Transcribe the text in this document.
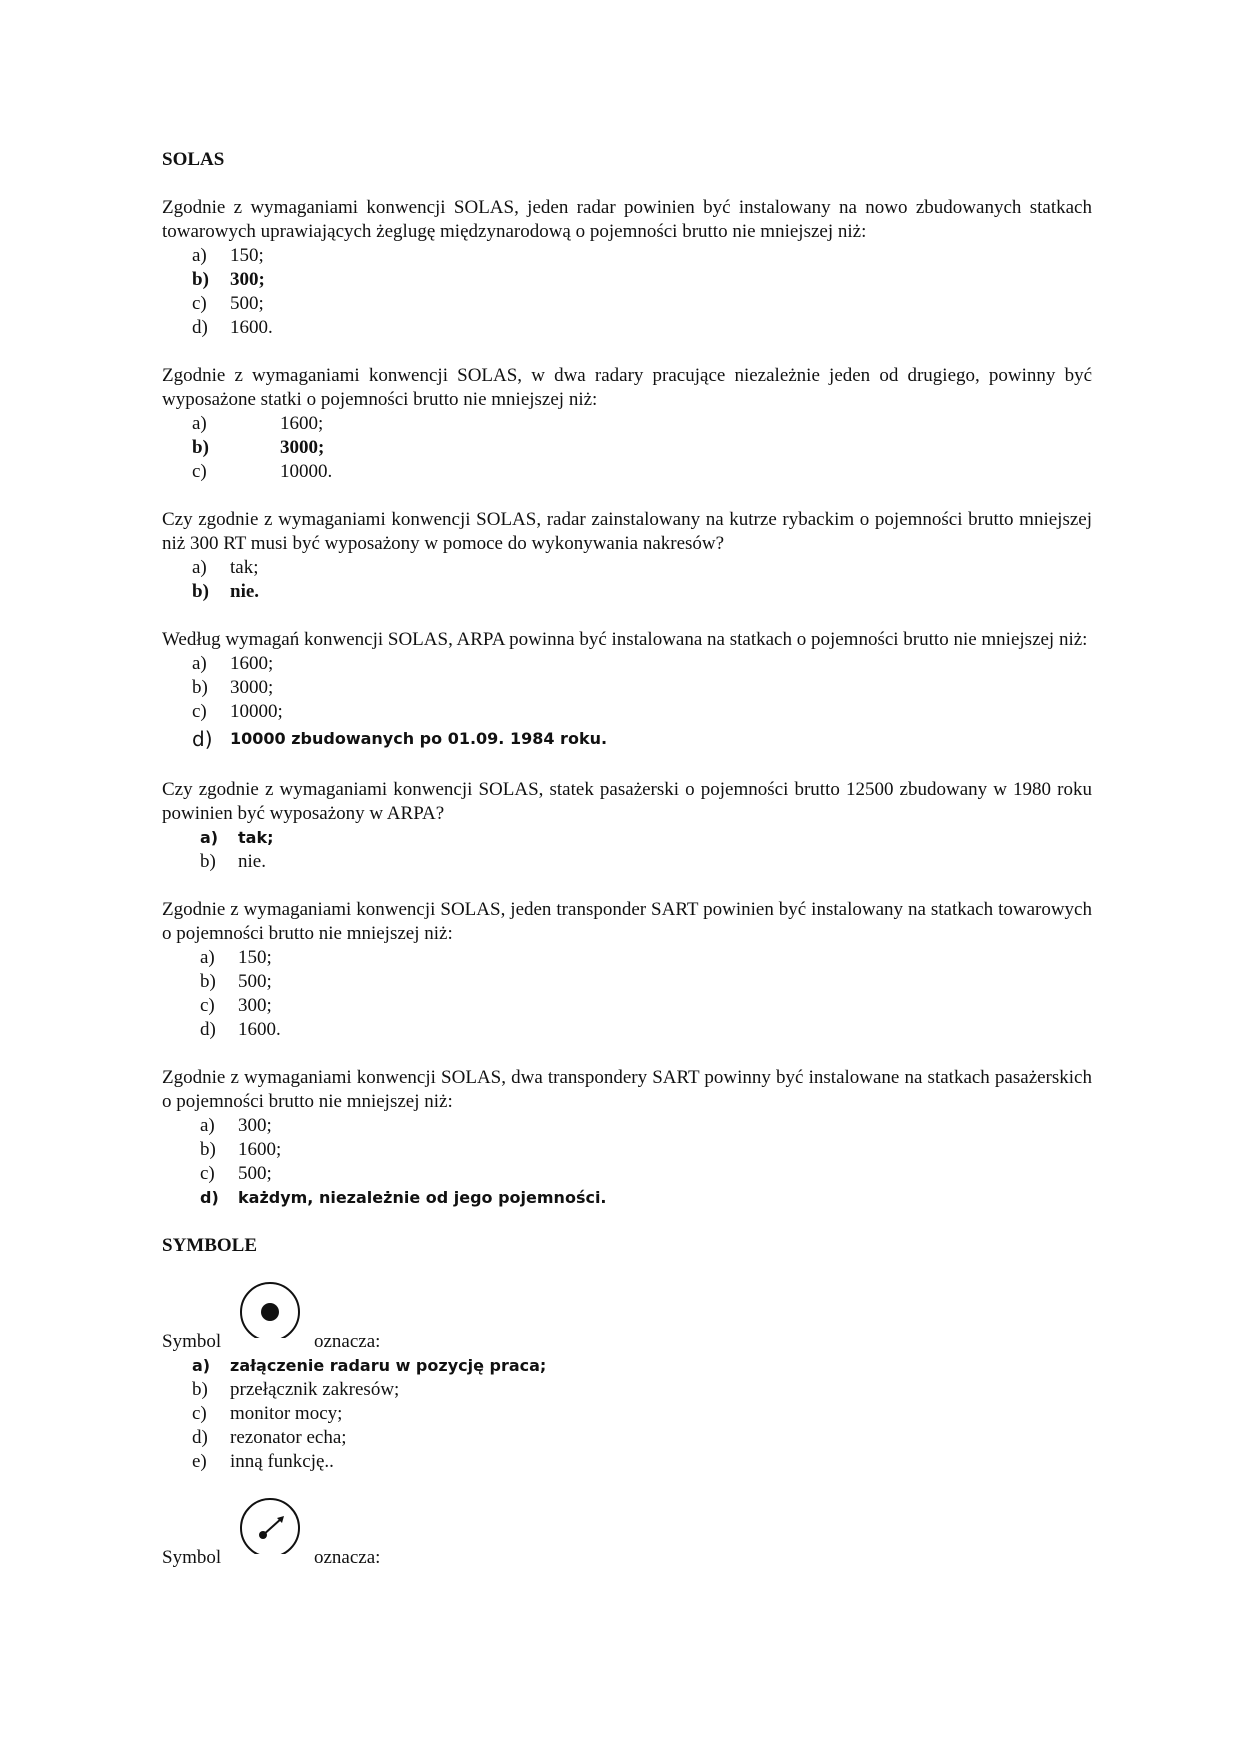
SOLAS

Zgodnie z wymaganiami konwencji SOLAS, jeden radar powinien być instalowany na nowo zbudowanych statkach towarowych uprawiających żeglugę międzynarodową o pojemności brutto nie mniejszej niż:

a)	150;
b)	300;
c)	500;
d)	1600.

Zgodnie z wymaganiami konwencji SOLAS, w dwa radary pracujące niezależnie jeden od drugiego, powinny być wyposażone statki o pojemności brutto nie mniejszej niż:

a)	1600;
b)	3000;
c)	10000.

Czy zgodnie z wymaganiami konwencji SOLAS, radar zainstalowany na kutrze rybackim o pojemności brutto mniejszej niż 300 RT musi być wyposażony w pomoce do wykonywania nakresów?

a)	tak;
b)	nie.

Według wymagań konwencji SOLAS, ARPA powinna być instalowana na statkach o pojemności brutto nie mniejszej niż:

a)	1600;
b)	3000;
c)	10000;
d)	10000 zbudowanych po 01.09. 1984 roku.

Czy zgodnie z wymaganiami konwencji SOLAS, statek pasażerski o pojemności brutto 12500 zbudowany w 1980 roku powinien być wyposażony w ARPA?

a)	tak;
b)	nie.

Zgodnie z wymaganiami konwencji SOLAS, jeden transponder SART powinien być instalowany na statkach towarowych o pojemności brutto nie mniejszej niż:

a)	150;
b)	500;
c)	300;
d)	1600.

Zgodnie z wymaganiami konwencji SOLAS, dwa transpondery SART powinny być instalowane na statkach pasażerskich o pojemności brutto nie mniejszej niż:

a)	300;
b)	1600;
c)	500;
d)	każdym, niezależnie od jego pojemności.

SYMBOLE

Symbol	oznacza:
a)	załączenie radaru w pozycję praca;
b)	przełącznik zakresów;
c)	monitor mocy;
d)	rezonator echa;
e)	inną funkcję..
Symbol	oznacza:
